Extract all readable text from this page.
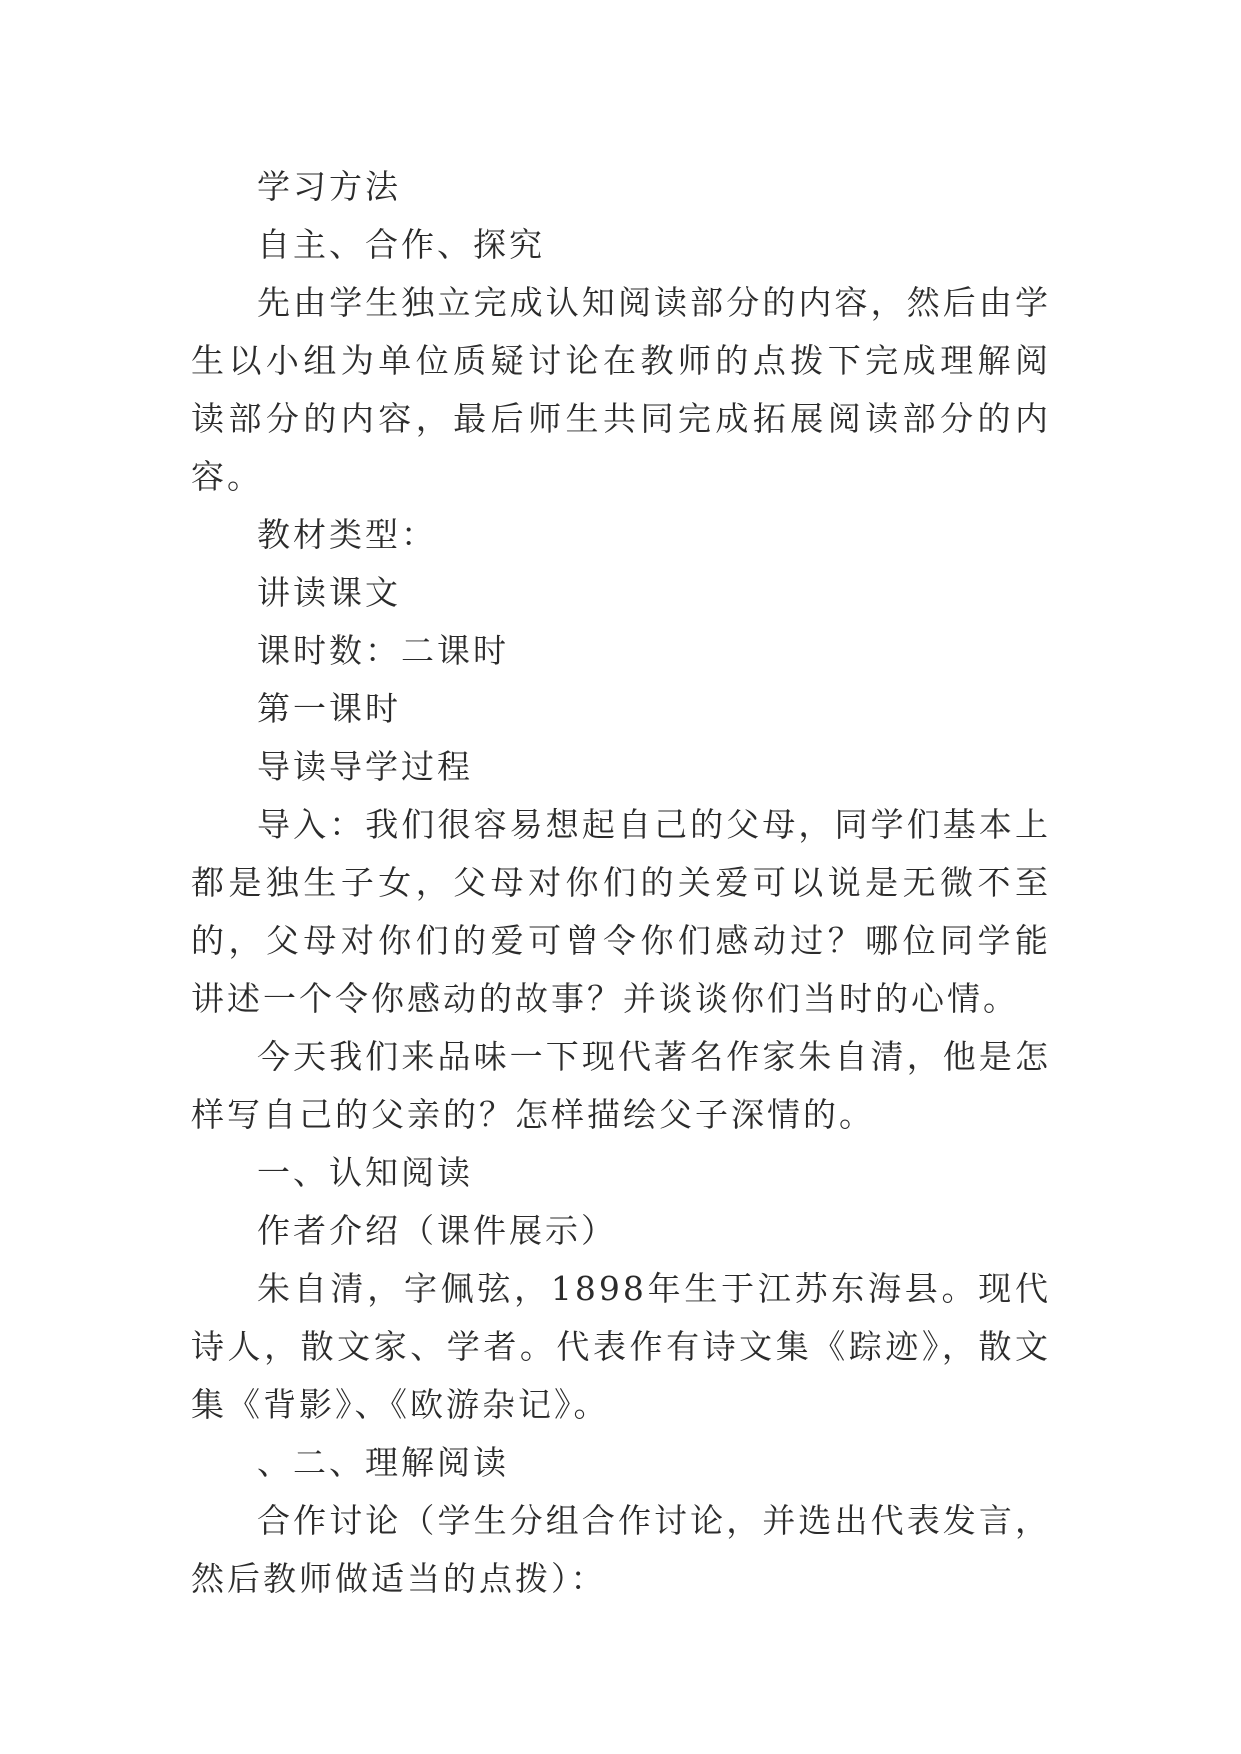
学习方法

自主、合作、探究

先由学生独立完成认知阅读部分的内容，然后由学生以小组为单位质疑讨论在教师的点拨下完成理解阅读部分的内容，最后师生共同完成拓展阅读部分的内容。

教材类型：

讲读课文

课时数：二课时

第一课时

导读导学过程

导入：我们很容易想起自己的父母，同学们基本上都是独生子女，父母对你们的关爱可以说是无微不至的，父母对你们的爱可曾令你们感动过？哪位同学能讲述一个令你感动的故事？并谈谈你们当时的心情。

今天我们来品味一下现代著名作家朱自清，他是怎样写自己的父亲的？怎样描绘父子深情的。

一、认知阅读

作者介绍（课件展示）

朱自清，字佩弦，1898年生于江苏东海县。现代诗人，散文家、学者。代表作有诗文集《踪迹》，散文集《背影》、《欧游杂记》。

、二、理解阅读

合作讨论（学生分组合作讨论，并选出代表发言，然后教师做适当的点拨）：
